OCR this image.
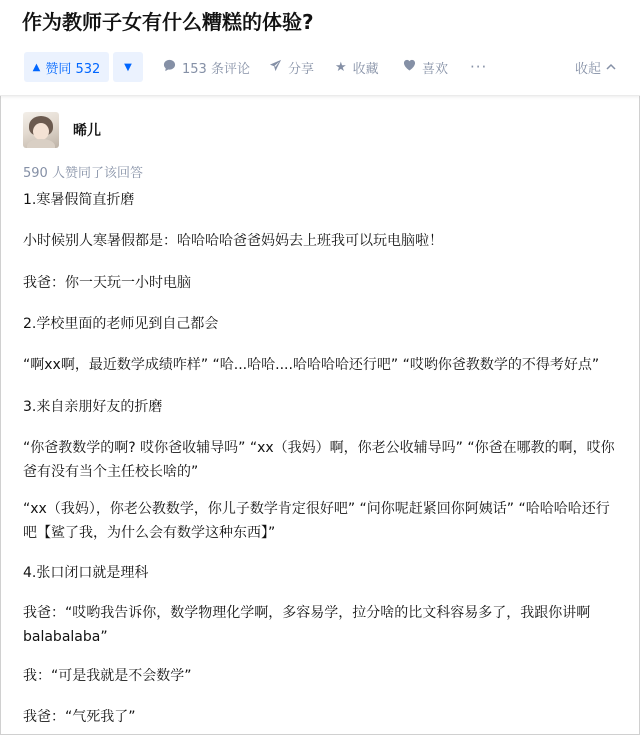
作为教师子女有什么糟糕的体验?
▲ 赞同 532 ▼	153 条评论	分享 ★ 收藏	喜欢 ···	收起
晞儿
590 人赞同了该回答

1.寒暑假简直折磨

小时候别人寒暑假都是：哈哈哈哈爸爸妈妈去上班我可以玩电脑啦！

我爸：你一天玩一小时电脑

2.学校里面的老师见到自己都会

“啊xx啊，最近数学成绩咋样” “哈...哈哈....哈哈哈哈还行吧” “哎哟你爸教数学的不得考好点”

3.来自亲朋好友的折磨

“你爸教数学的啊? 哎你爸收辅导吗” “xx（我妈）啊，你老公收辅导吗” “你爸在哪教的啊，哎你爸有没有当个主任校长啥的”

“xx（我妈），你老公教数学，你儿子数学肯定很好吧” “问你呢赶紧回你阿姨话” “哈哈哈哈还行吧【鲨了我，为什么会有数学这种东西】”

4.张口闭口就是理科

我爸：“哎哟我告诉你，数学物理化学啊，多容易学，拉分啥的比文科容易多了，我跟你讲啊balabalaba”

我：“可是我就是不会数学”

我爸：“气死我了”
